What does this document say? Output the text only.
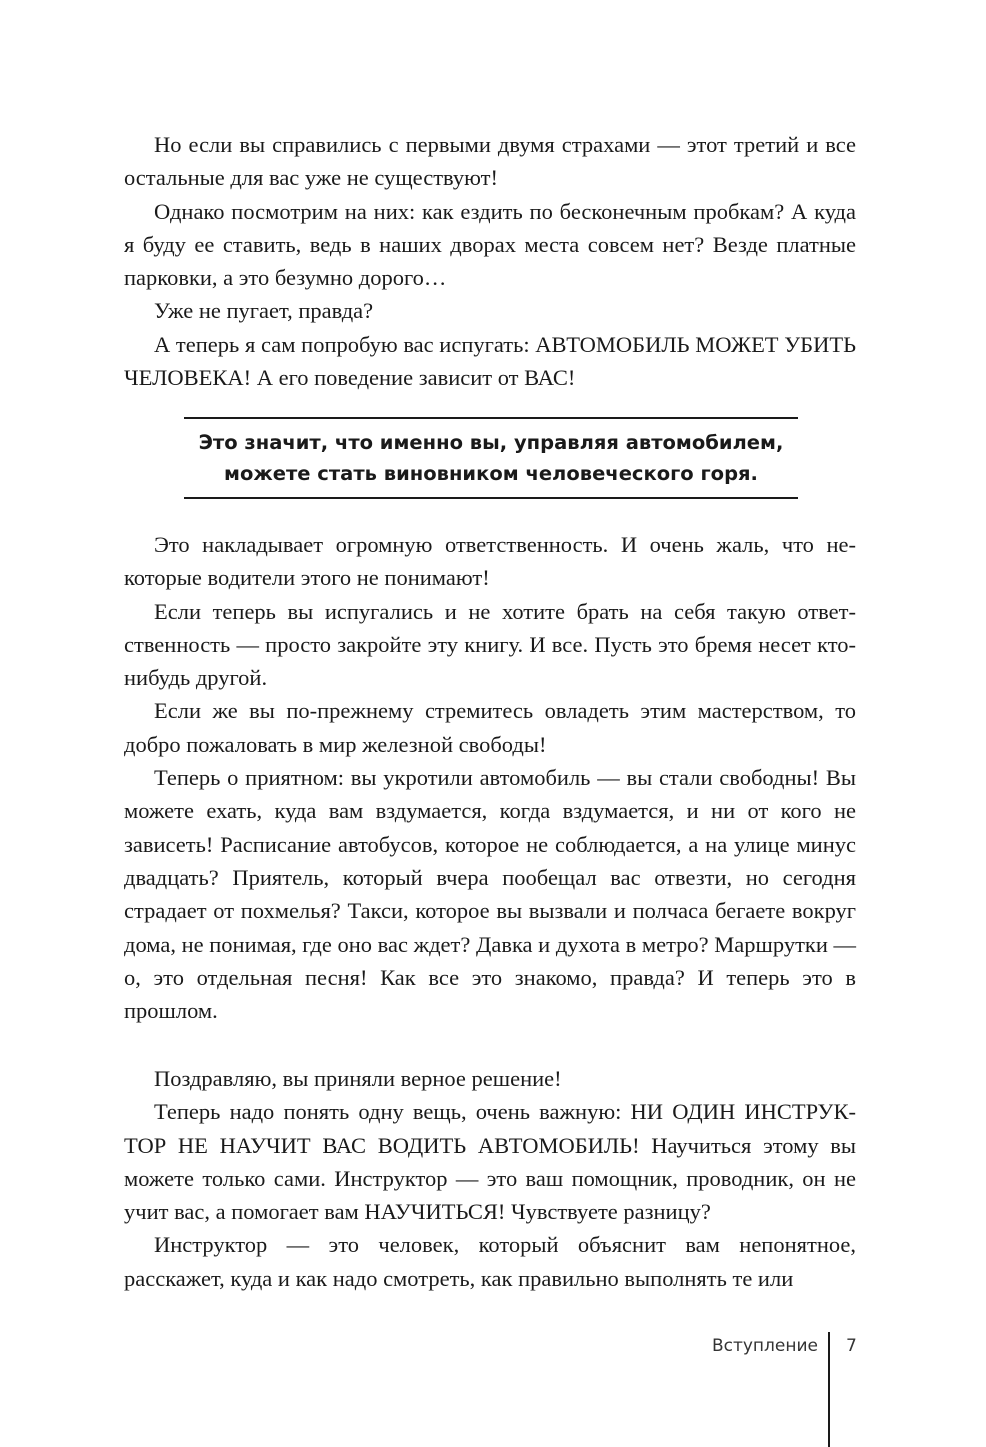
Но если вы справились с первыми двумя страхами — этот третий и все остальные для вас уже не существуют!

Однако посмотрим на них: как ездить по бесконечным пробкам? А куда я буду ее ставить, ведь в наших дворах места совсем нет? Везде платные парковки, а это безумно дорого…

Уже не пугает, правда?

А теперь я сам попробую вас испугать: АВТОМОБИЛЬ МОЖЕТ УБИТЬ ЧЕЛОВЕКА! А его поведение зависит от ВАС!

Это значит, что именно вы, управляя автомобилем,
можете стать виновником человеческого горя.

Это накладывает огромную ответственность. И очень жаль, что некоторые водители этого не понимают!

Если теперь вы испугались и не хотите брать на себя такую ответственность — просто закройте эту книгу. И все. Пусть это бремя несет кто-нибудь другой.

Если же вы по-прежнему стремитесь овладеть этим мастерством, то добро пожаловать в мир железной свободы!

Теперь о приятном: вы укротили автомобиль — вы стали свободны! Вы можете ехать, куда вам вздумается, когда вздумается, и ни от кого не зависеть! Расписание автобусов, которое не соблюдается, а на улице минус двадцать? Приятель, который вчера пообещал вас отвезти, но сегодня страдает от похмелья? Такси, которое вы вызвали и полчаса бегаете вокруг дома, не понимая, где оно вас ждет? Давка и духота в метро? Маршрутки — о, это отдельная песня! Как все это знакомо, правда? И теперь это в прошлом.

Поздравляю, вы приняли верное решение!

Теперь надо понять одну вещь, очень важную: НИ ОДИН ИНСТРУКТОР НЕ НАУЧИТ ВАС ВОДИТЬ АВТОМОБИЛЬ! Научиться этому вы можете только сами. Инструктор — это ваш помощник, проводник, он не учит вас, а помогает вам НАУЧИТЬСЯ! Чувствуете разницу?

Инструктор — это человек, который объяснит вам непонятное, расскажет, куда и как надо смотреть, как правильно выполнять те или

Вступление 7
